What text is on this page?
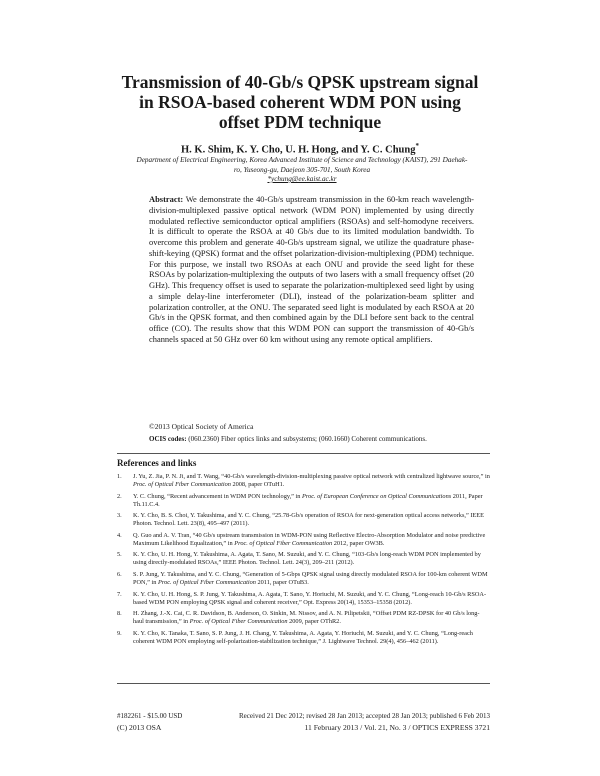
Transmission of 40-Gb/s QPSK upstream signal
in RSOA-based coherent WDM PON using
offset PDM technique
H. K. Shim, K. Y. Cho, U. H. Hong, and Y. C. Chung*
Department of Electrical Engineering, Korea Advanced Institute of Science and Technology (KAIST), 291 Daehak-
ro, Yuseong-gu, Daejeon 305-701, South Korea
*ychung@ee.kaist.ac.kr
Abstract: We demonstrate the 40-Gb/s upstream transmission in the 60-km reach wavelength-division-multiplexed passive optical network (WDM PON) implemented by using directly modulated reflective semiconductor optical amplifiers (RSOAs) and self-homodyne receivers. It is difficult to operate the RSOA at 40 Gb/s due to its limited modulation bandwidth. To overcome this problem and generate 40-Gb/s upstream signal, we utilize the quadrature phase-shift-keying (QPSK) format and the offset polarization-division-multiplexing (PDM) technique. For this purpose, we install two RSOAs at each ONU and provide the seed light for these RSOAs by polarization-multiplexing the outputs of two lasers with a small frequency offset (20 GHz). This frequency offset is used to separate the polarization-multiplexed seed light by using a simple delay-line interferometer (DLI), instead of the polarization-beam splitter and polarization controller, at the ONU. The separated seed light is modulated by each RSOA at 20 Gb/s in the QPSK format, and then combined again by the DLI before sent back to the central office (CO). The results show that this WDM PON can support the transmission of 40-Gb/s channels spaced at 50 GHz over 60 km without using any remote optical amplifiers.
©2013 Optical Society of America
OCIS codes: (060.2360) Fiber optics links and subsystems; (060.1660) Coherent communications.
References and links
1. J. Yu, Z. Jia, P. N. Ji, and T. Wang, “40-Gb/s wavelength-division-multiplexing passive optical network with centralized lightwave source,” in Proc. of Optical Fiber Communication 2008, paper OTuH1.
2. Y. C. Chung, “Recent advancement in WDM PON technology,” in Proc. of European Conference on Optical Communications 2011, Paper Th.11.C.4.
3. K. Y. Cho, B. S. Choi, Y. Takushima, and Y. C. Chung, “25.78-Gb/s operation of RSOA for next-generation optical access networks,” IEEE Photon. Technol. Lett. 23(8), 495–497 (2011).
4. Q. Guo and A. V. Tran, “40 Gb/s upstream transmission in WDM-PON using Reflective Electro-Absorption Modulator and noise predictive Maximum Likelihood Equalization,” in Proc. of Optical Fiber Communication 2012, paper OW3B.
5. K. Y. Cho, U. H. Hong, Y. Takushima, A. Agata, T. Sano, M. Suzuki, and Y. C. Chung, “103-Gb/s long-reach WDM PON implemented by using directly-modulated RSOAs,” IEEE Photon. Technol. Lett. 24(3), 209–211 (2012).
6. S. P. Jung, Y. Takushima, and Y. C. Chung, “Generation of 5-Gbps QPSK signal using directly modulated RSOA for 100-km coherent WDM PON,” in Proc. of Optical Fiber Communication 2011, paper OTuB3.
7. K. Y. Cho, U. H. Hong, S. P. Jung, Y. Takushima, A. Agata, T. Sano, Y. Horiuchi, M. Suzuki, and Y. C. Chung, “Long-reach 10-Gb/s RSOA-based WDM PON employing QPSK signal and coherent receiver,” Opt. Express 20(14), 15353–15358 (2012).
8. H. Zhang, J.-X. Cai, C. R. Davidson, B. Anderson, O. Sinkin, M. Nissov, and A. N. Pilipetskii, “Offset PDM RZ-DPSK for 40 Gb/s long-haul transmission,” in Proc. of Optical Fiber Communication 2009, paper OThR2.
9. K. Y. Cho, K. Tanaka, T. Sano, S. P. Jung, J. H. Chang, Y. Takushima, A. Agata, Y. Horiuchi, M. Suzuki, and Y. C. Chung, “Long-reach coherent WDM PON employing self-polarization-stabilization technique,” J. Lightwave Technol. 29(4), 456–462 (2011).
#182261 - $15.00 USD	Received 21 Dec 2012; revised 28 Jan 2013; accepted 28 Jan 2013; published 6 Feb 2013
(C) 2013 OSA	11 February 2013 / Vol. 21, No. 3 / OPTICS EXPRESS 3721
